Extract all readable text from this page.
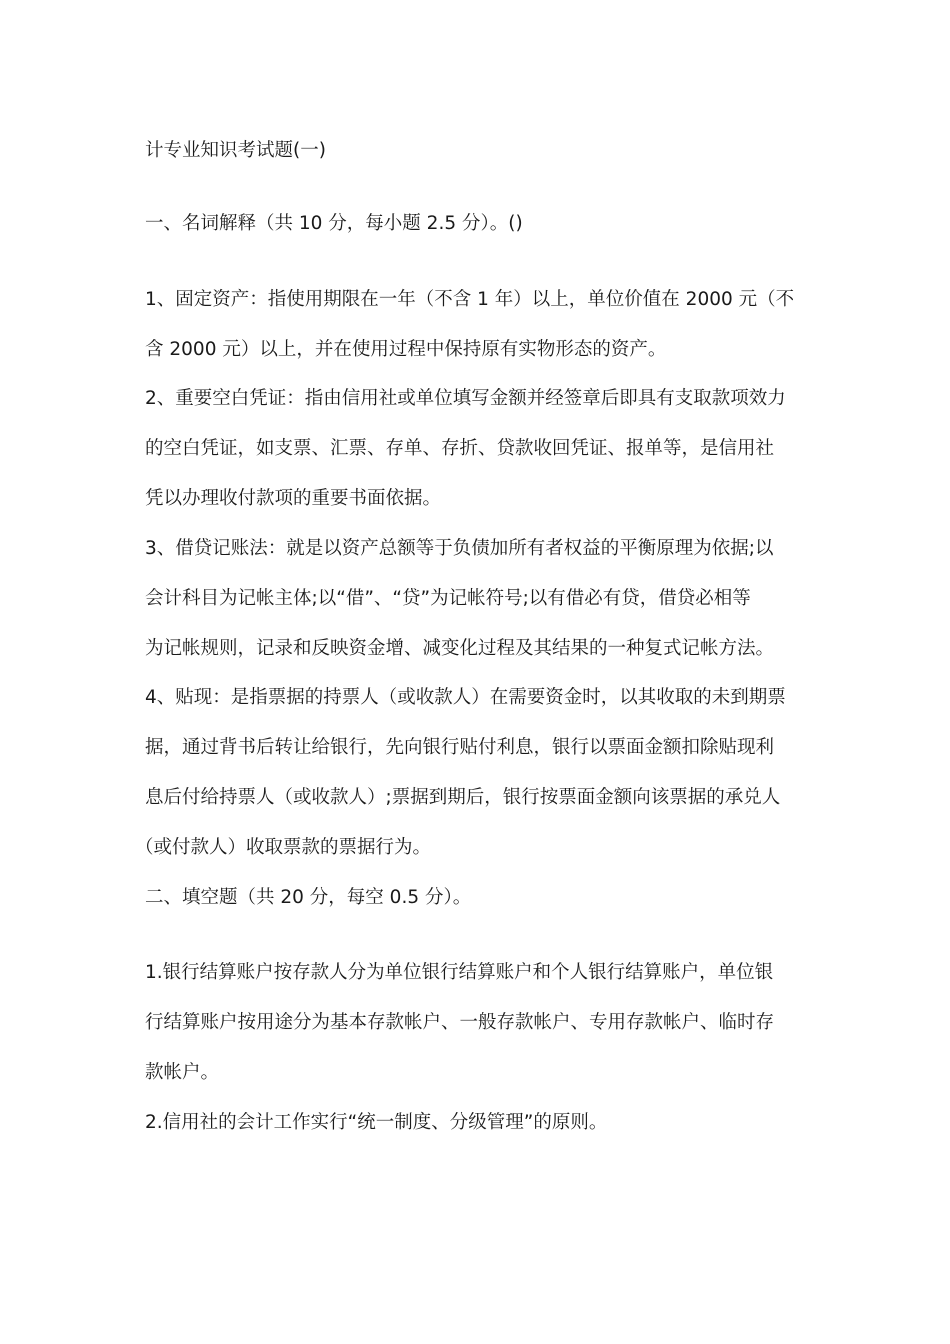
计专业知识考试题(一)
一、名词解释（共 10 分，每小题 2.5 分）。()
1、固定资产：指使用期限在一年（不含 1 年）以上，单位价值在 2000 元（不
含 2000 元）以上，并在使用过程中保持原有实物形态的资产。
2、重要空白凭证：指由信用社或单位填写金额并经签章后即具有支取款项效力
的空白凭证，如支票、汇票、存单、存折、贷款收回凭证、报单等，是信用社
凭以办理收付款项的重要书面依据。
3、借贷记账法：就是以资产总额等于负债加所有者权益的平衡原理为依据;以
会计科目为记帐主体;以“借”、“贷”为记帐符号;以有借必有贷，借贷必相等
为记帐规则，记录和反映资金增、减变化过程及其结果的一种复式记帐方法。
4、贴现：是指票据的持票人（或收款人）在需要资金时，以其收取的未到期票
据，通过背书后转让给银行，先向银行贴付利息，银行以票面金额扣除贴现利
息后付给持票人（或收款人）;票据到期后，银行按票面金额向该票据的承兑人
（或付款人）收取票款的票据行为。
二、填空题（共 20 分，每空 0.5 分）。
1.银行结算账户按存款人分为单位银行结算账户和个人银行结算账户，单位银
行结算账户按用途分为基本存款帐户、一般存款帐户、专用存款帐户、临时存
款帐户。
2.信用社的会计工作实行“统一制度、分级管理”的原则。
